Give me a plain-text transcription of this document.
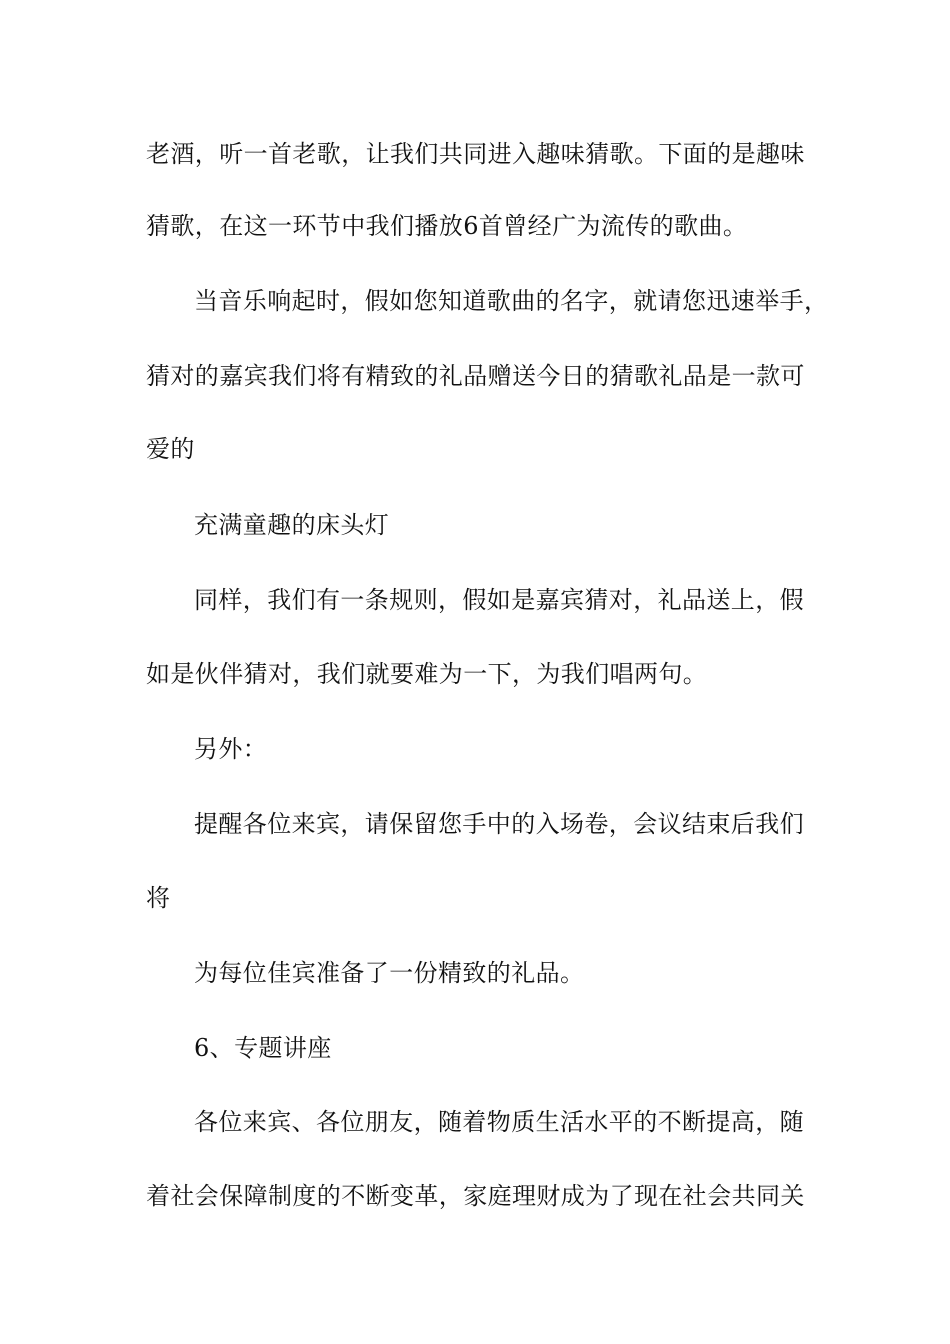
老酒，听一首老歌，让我们共同进入趣味猜歌。下面的是趣味
猜歌，在这一环节中我们播放6首曾经广为流传的歌曲。
当音乐响起时，假如您知道歌曲的名字，就请您迅速举手，
猜对的嘉宾我们将有精致的礼品赠送今日的猜歌礼品是一款可
爱的
充满童趣的床头灯
同样，我们有一条规则，假如是嘉宾猜对，礼品送上，假
如是伙伴猜对，我们就要难为一下，为我们唱两句。
另外：
提醒各位来宾，请保留您手中的入场卷，会议结束后我们
将
为每位佳宾准备了一份精致的礼品。
6、专题讲座
各位来宾、各位朋友，随着物质生活水平的不断提高，随
着社会保障制度的不断变革，家庭理财成为了现在社会共同关
